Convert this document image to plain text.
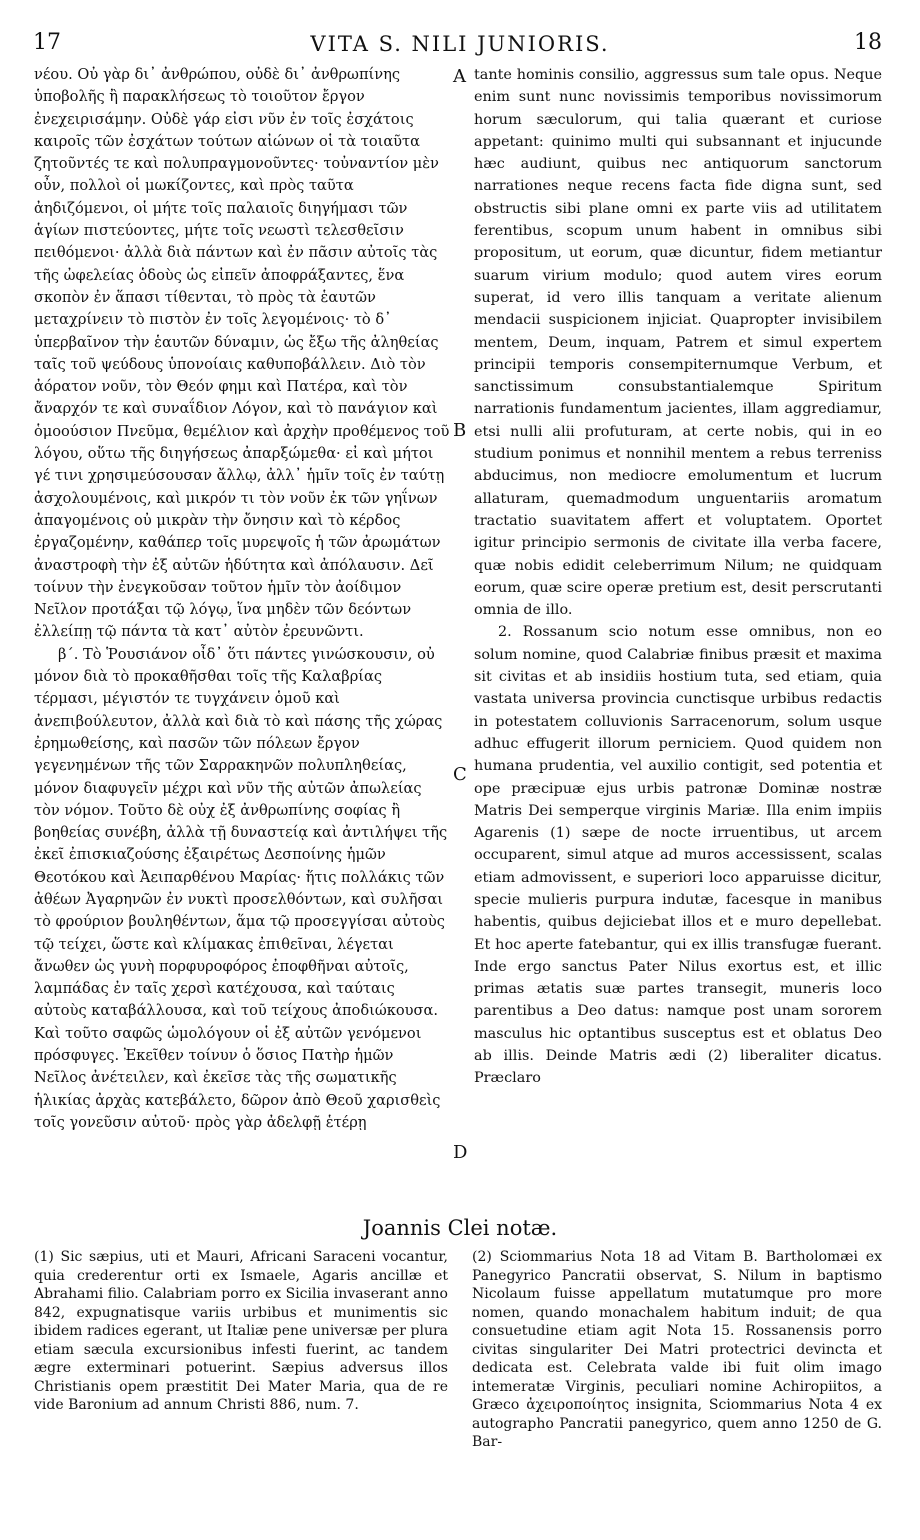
17	VITA S. NILI JUNIORIS.	18

νέου. Οὐ γὰρ δι᾿ ἀνθρώπου, οὐδὲ δι᾿ ἀνθρωπίνης ὑποβολῆς ἢ παρακλήσεως τὸ τοιοῦτον ἔργον ἐνεχειρισάμην. Οὐδὲ γάρ εἰσι νῦν ἐν τοῖς ἐσχάτοις καιροῖς τῶν ἐσχάτων τούτων αἰώνων οἱ τὰ τοιαῦτα ζητοῦντές τε καὶ πολυπραγμονοῦντες· τοὐναντίον μὲν οὖν, πολλοὶ οἱ μωκίζοντες, καὶ πρὸς ταῦτα ἀηδιζόμενοι, οἱ μήτε τοῖς παλαιοῖς διηγήμασι τῶν ἁγίων πιστεύοντες, μήτε τοῖς νεωστὶ τελεσθεῖσιν πειθόμενοι· ἀλλὰ διὰ πάντων καὶ ἐν πᾶσιν αὐτοῖς τὰς τῆς ὠφελείας ὁδοὺς ὡς εἰπεῖν ἀποφράξαντες, ἕνα σκοπὸν ἐν ἅπασι τίθενται, τὸ πρὸς τὰ ἑαυτῶν μεταχρίνειν τὸ πιστὸν ἐν τοῖς λεγομένοις· τὸ δ᾿ ὑπερβαῖνον τὴν ἑαυτῶν δύναμιν, ὡς ἔξω τῆς ἀληθείας ταῖς τοῦ ψεύδους ὑπονοίαις καθυποβάλλειν. Διὸ τὸν ἀόρατον νοῦν, τὸν Θεόν φημι καὶ Πατέρα, καὶ τὸν ἄναρχόν τε καὶ συναΐδιον Λόγον, καὶ τὸ πανάγιον καὶ ὁμοούσιον Πνεῦμα, θεμέλιον καὶ ἀρχὴν προθέμενος τοῦ λόγου, οὕτω τῆς διηγήσεως ἀπαρξώμεθα· εἰ καὶ μήτοι γέ τινι χρησιμεύσουσαν ἄλλῳ, ἀλλ᾿ ἡμῖν τοῖς ἐν ταύτῃ ἀσχολουμένοις, καὶ μικρόν τι τὸν νοῦν ἐκ τῶν γηΐνων ἀπαγομένοις οὐ μικρὰν τὴν ὄνησιν καὶ τὸ κέρδος ἐργαζομένην, καθάπερ τοῖς μυρεψοῖς ἡ τῶν ἀρωμάτων ἀναστροφὴ τὴν ἐξ αὐτῶν ἡδύτητα καὶ ἀπόλαυσιν. Δεῖ τοίνυν τὴν ἐνεγκοῦσαν τοῦτον ἡμῖν τὸν ἀοίδιμον Νεῖλον προτάξαι τῷ λόγῳ, ἵνα μηδὲν τῶν δεόντων ἐλλείπῃ τῷ πάντα τὰ κατ᾿ αὐτὸν ἐρευνῶντι.

β΄. Τὸ Ῥουσιάνον οἶδ᾿ ὅτι πάντες γινώσκουσιν, οὐ μόνον διὰ τὸ προκαθῆσθαι τοῖς τῆς Καλαβρίας τέρμασι, μέγιστόν τε τυγχάνειν ὁμοῦ καὶ ἀνεπιβούλευτον, ἀλλὰ καὶ διὰ τὸ καὶ πάσης τῆς χώρας ἐρημωθείσης, καὶ πασῶν τῶν πόλεων ἔργον γεγενημένων τῆς τῶν Σαρρακηνῶν πολυπληθείας, μόνον διαφυγεῖν μέχρι καὶ νῦν τῆς αὐτῶν ἀπωλείας τὸν νόμον. Τοῦτο δὲ οὐχ ἐξ ἀνθρωπίνης σοφίας ἢ βοηθείας συνέβη, ἀλλὰ τῇ δυναστείᾳ καὶ ἀντιλήψει τῆς ἐκεῖ ἐπισκιαζούσης ἐξαιρέτως Δεσποίνης ἡμῶν Θεοτόκου καὶ Ἀειπαρθένου Μαρίας· ἥτις πολλάκις τῶν ἀθέων Ἀγαρηνῶν ἐν νυκτὶ προσελθόντων, καὶ συλῆσαι τὸ φρούριον βουληθέντων, ἅμα τῷ προσεγγίσαι αὐτοὺς τῷ τείχει, ὥστε καὶ κλίμακας ἐπιθεῖναι, λέγεται ἄνωθεν ὡς γυνὴ πορφυροφόρος ἐποφθῆναι αὐτοῖς, λαμπάδας ἐν ταῖς χερσὶ κατέχουσα, καὶ ταύταις αὐτοὺς καταβάλλουσα, καὶ τοῦ τείχους ἀποδιώκουσα. Καὶ τοῦτο σαφῶς ὡμολόγουν οἱ ἐξ αὐτῶν γενόμενοι πρόσφυγες. Ἐκεῖθεν τοίνυν ὁ ὅσιος Πατὴρ ἡμῶν Νεῖλος ἀνέτειλεν, καὶ ἐκεῖσε τὰς τῆς σωματικῆς ἡλικίας ἀρχὰς κατεβάλετο, δῶρον ἀπὸ Θεοῦ χαρισθεὶς τοῖς γονεῦσιν αὐτοῦ· πρὸς γὰρ ἀδελφῇ ἑτέρῃ

A
B
C
D

tante hominis consilio, aggressus sum tale opus. Neque enim sunt nunc novissimis temporibus novissimorum horum sæculorum, qui talia quærant et curiose appetant: quinimo multi qui subsannant et injucunde hæc audiunt, quibus nec antiquorum sanctorum narrationes neque recens facta fide digna sunt, sed obstructis sibi plane omni ex parte viis ad utilitatem ferentibus, scopum unum habent in omnibus sibi propositum, ut eorum, quæ dicuntur, fidem metiantur suarum virium modulo; quod autem vires eorum superat, id vero illis tanquam a veritate alienum mendacii suspicionem injiciat. Quapropter invisibilem mentem, Deum, inquam, Patrem et simul expertem principii temporis consempiternumque Verbum, et sanctissimum consubstantialemque Spiritum narrationis fundamentum jacientes, illam aggrediamur, etsi nulli alii profuturam, at certe nobis, qui in eo studium ponimus et nonnihil mentem a rebus terreniss abducimus, non mediocre emolumentum et lucrum allaturam, quemadmodum unguentariis aromatum tractatio suavitatem affert et voluptatem. Oportet igitur principio sermonis de civitate illa verba facere, quæ nobis edidit celeberrimum Nilum; ne quidquam eorum, quæ scire operæ pretium est, desit perscrutanti omnia de illo.

2. Rossanum scio notum esse omnibus, non eo solum nomine, quod Calabriæ finibus præsit et maxima sit civitas et ab insidiis hostium tuta, sed etiam, quia vastata universa provincia cunctisque urbibus redactis in potestatem colluvionis Sarracenorum, solum usque adhuc effugerit illorum perniciem. Quod quidem non humana prudentia, vel auxilio contigit, sed potentia et ope præcipuæ ejus urbis patronæ Dominæ nostræ Matris Dei semperque virginis Mariæ. Illa enim impiis Agarenis (1) sæpe de nocte irruentibus, ut arcem occuparent, simul atque ad muros accessissent, scalas etiam admovissent, e superiori loco apparuisse dicitur, specie mulieris purpura indutæ, facesque in manibus habentis, quibus dejiciebat illos et e muro depellebat. Et hoc aperte fatebantur, qui ex illis transfugæ fuerant. Inde ergo sanctus Pater Nilus exortus est, et illic primas ætatis suæ partes transegit, muneris loco parentibus a Deo datus: namque post unam sororem masculus hic optantibus susceptus est et oblatus Deo ab illis. Deinde Matris ædi (2) liberaliter dicatus. Præclaro

Joannis Clei notæ.

(1) Sic sæpius, uti et Mauri, Africani Saraceni vocantur, quia crederentur orti ex Ismaele, Agaris ancillæ et Abrahami filio. Calabriam porro ex Sicilia invaserant anno 842, expugnatisque variis urbibus et munimentis sic ibidem radices egerant, ut Italiæ pene universæ per plura etiam sæcula excursionibus infesti fuerint, ac tandem ægre exterminari potuerint. Sæpius adversus illos Christianis opem præstitit Dei Mater Maria, qua de re vide Baronium ad annum Christi 886, num. 7.

(2) Sciommarius Nota 18 ad Vitam B. Bartholomæi ex Panegyrico Pancratii observat, S. Nilum in baptismo Nicolaum fuisse appellatum mutatumque pro more nomen, quando monachalem habitum induit; de qua consuetudine etiam agit Nota 15. Rossanensis porro civitas singulariter Dei Matri protectrici devincta et dedicata est. Celebrata valde ibi fuit olim imago intemeratæ Virginis, peculiari nomine Achiropiitos, a Græco ἀχειροποίητος insignita, Sciommarius Nota 4 ex autographo Pancratii panegyrico, quem anno 1250 de G. Bar-
